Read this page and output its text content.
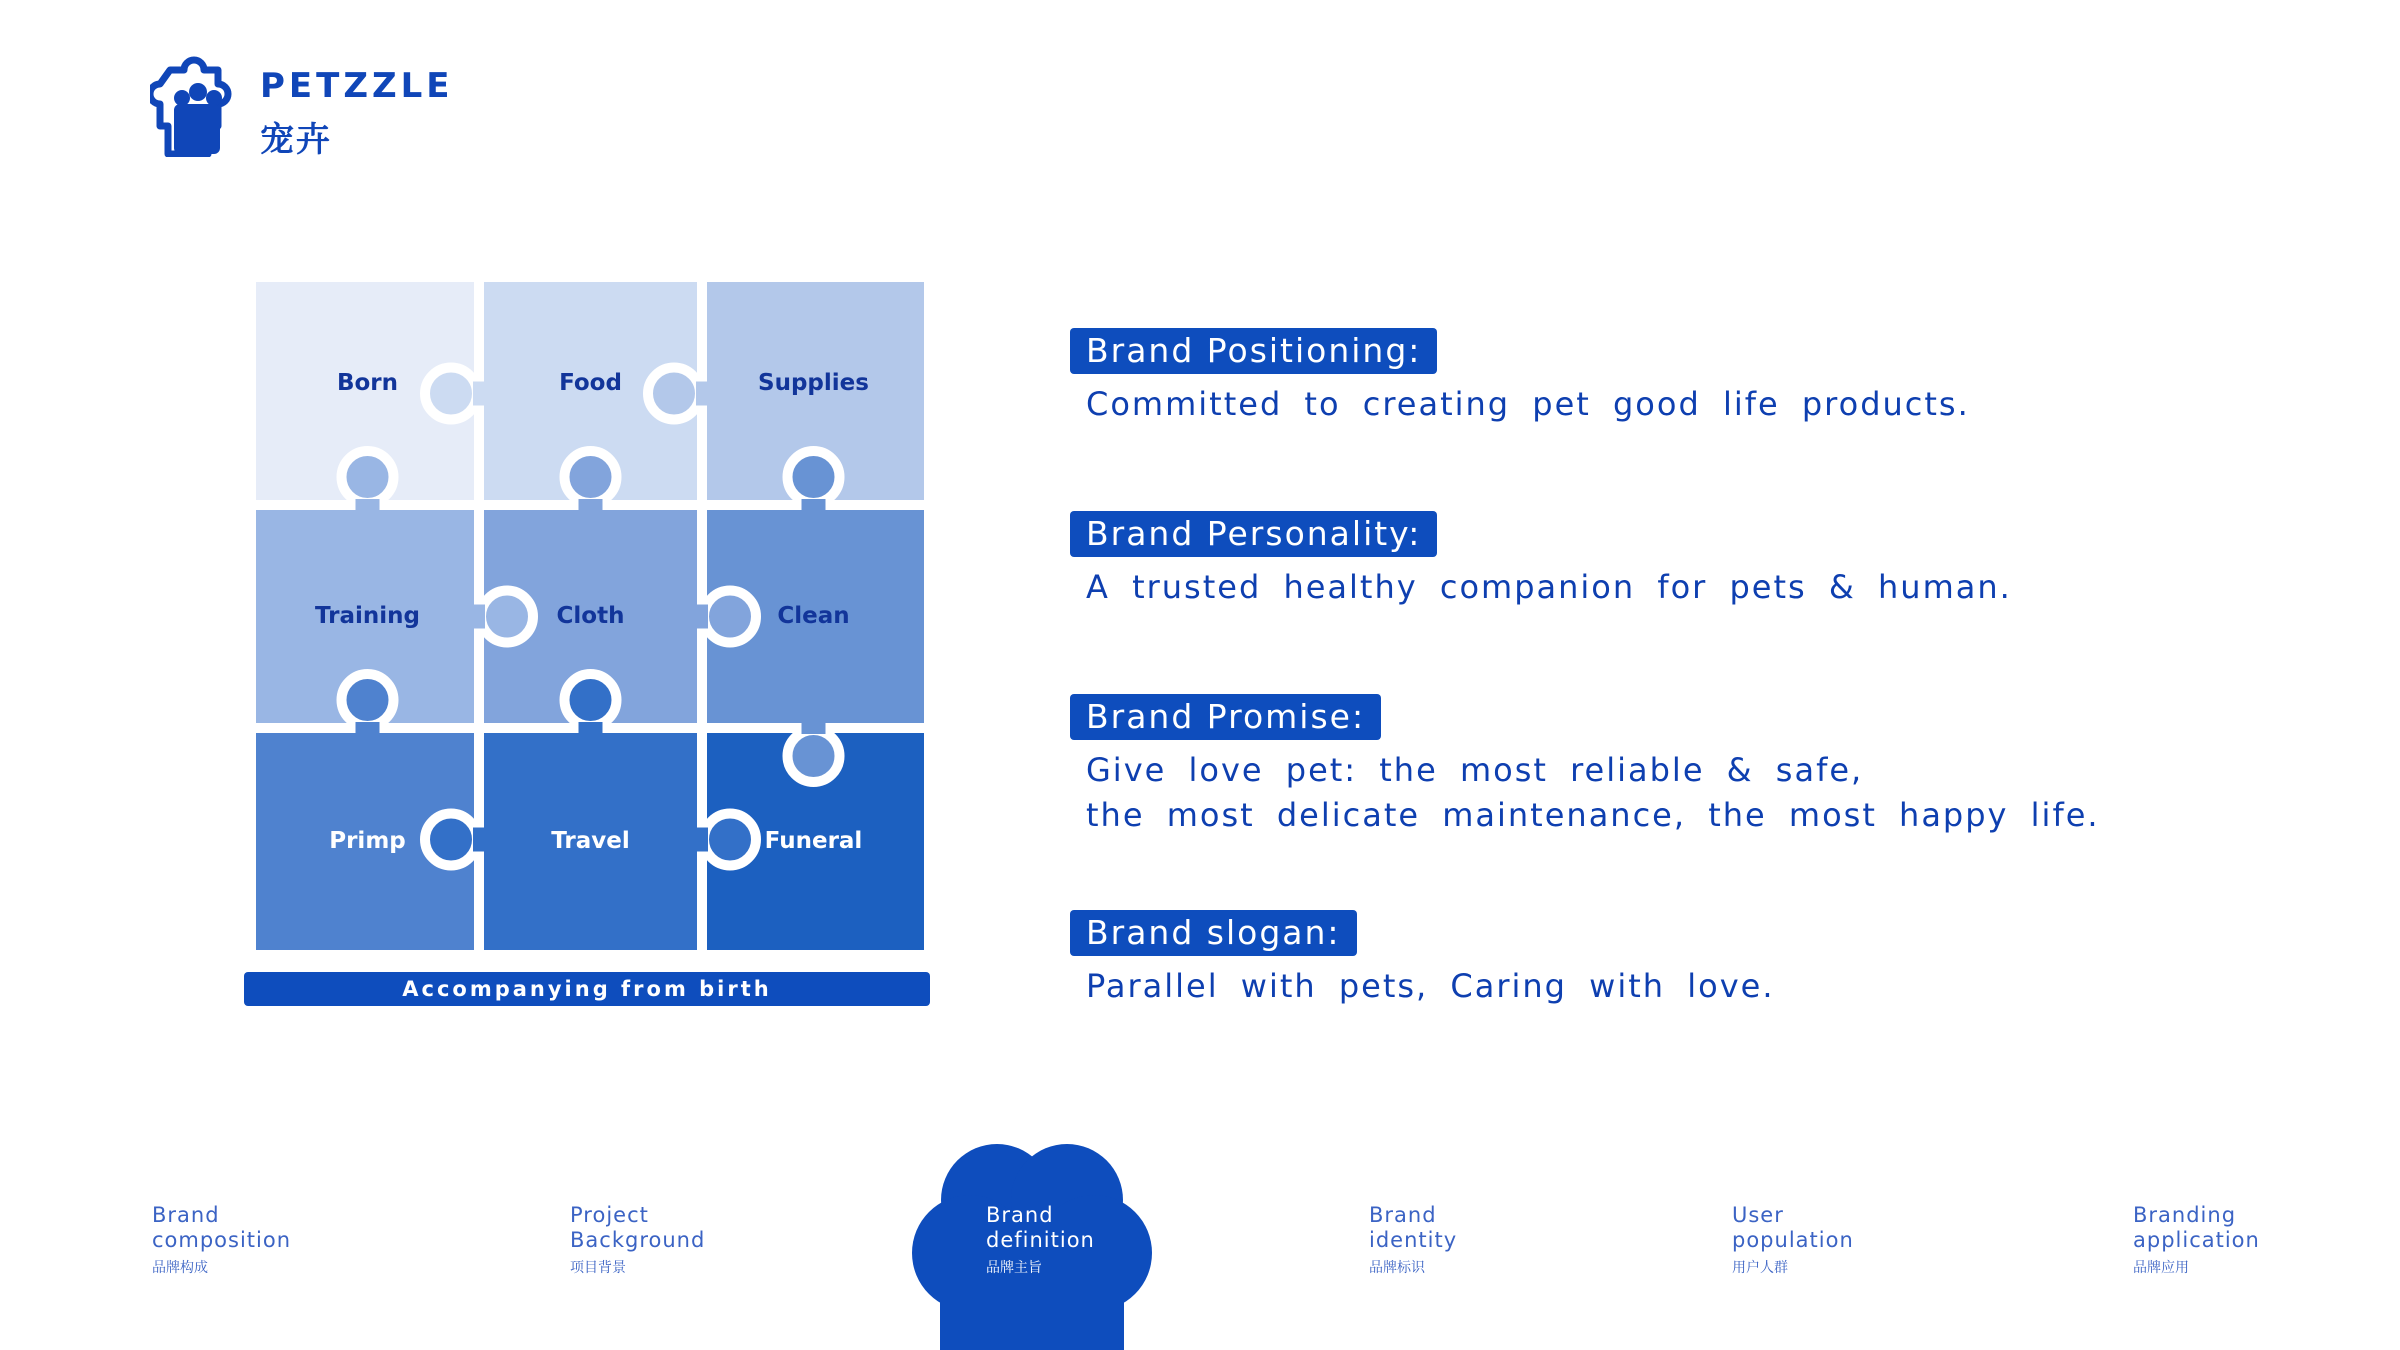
PETZZLE
宠卉
Born	Food	Supplies
Training	Cloth	Clean
Primp	Travel	Funeral
Accompanying from birth
Brand Positioning:
Committed to creating pet good life products.
Brand Personality:
A trusted healthy companion for pets & human.
Brand Promise:
Give love pet: the most reliable & safe,
the most delicate maintenance, the most happy life.
Brand slogan:
Parallel with pets, Caring with love.
Brand
composition
品牌构成
Project
Background
项目背景
Brand
definition
品牌主旨
Brand
identity
品牌标识
User
population
用户人群
Branding
application
品牌应用
